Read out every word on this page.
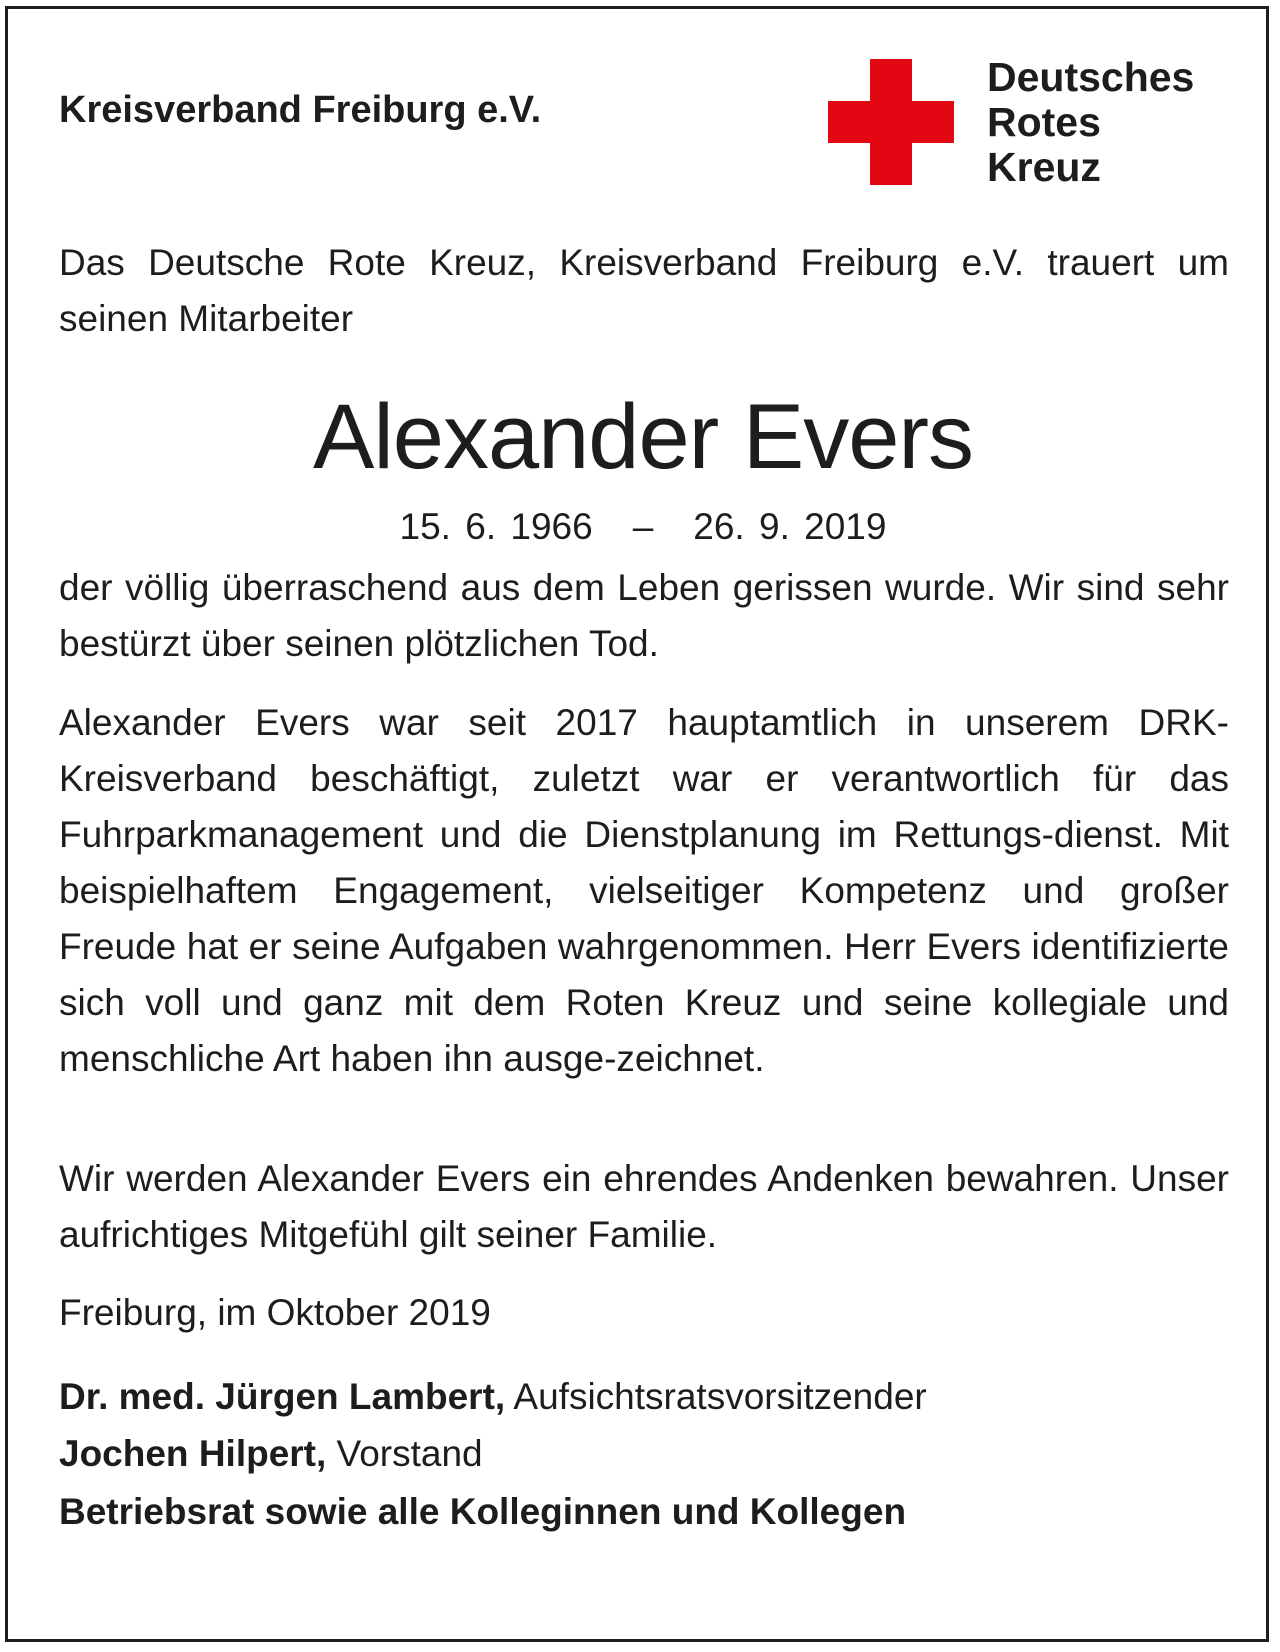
Kreisverband Freiburg e.V.
Deutsches
Rotes
Kreuz
Das Deutsche Rote Kreuz, Kreisverband Freiburg e.V. trauert um seinen Mitarbeiter
Alexander Evers
15. 6. 1966 – 26. 9. 2019
der völlig überraschend aus dem Leben gerissen wurde. Wir sind sehr bestürzt über seinen plötzlichen Tod.
Alexander Evers war seit 2017 hauptamtlich in unserem DRK-Kreisverband beschäftigt, zuletzt war er verantwortlich für das Fuhrparkmanagement und die Dienstplanung im Rettungs-dienst. Mit beispielhaftem Engagement, vielseitiger Kompetenz und großer Freude hat er seine Aufgaben wahrgenommen. Herr Evers identifizierte sich voll und ganz mit dem Roten Kreuz und seine kollegiale und menschliche Art haben ihn ausge-zeichnet.
Wir werden Alexander Evers ein ehrendes Andenken bewahren. Unser aufrichtiges Mitgefühl gilt seiner Familie.
Freiburg, im Oktober 2019
Dr. med. Jürgen Lambert, Aufsichtsratsvorsitzender
Jochen Hilpert, Vorstand
Betriebsrat sowie alle Kolleginnen und Kollegen
